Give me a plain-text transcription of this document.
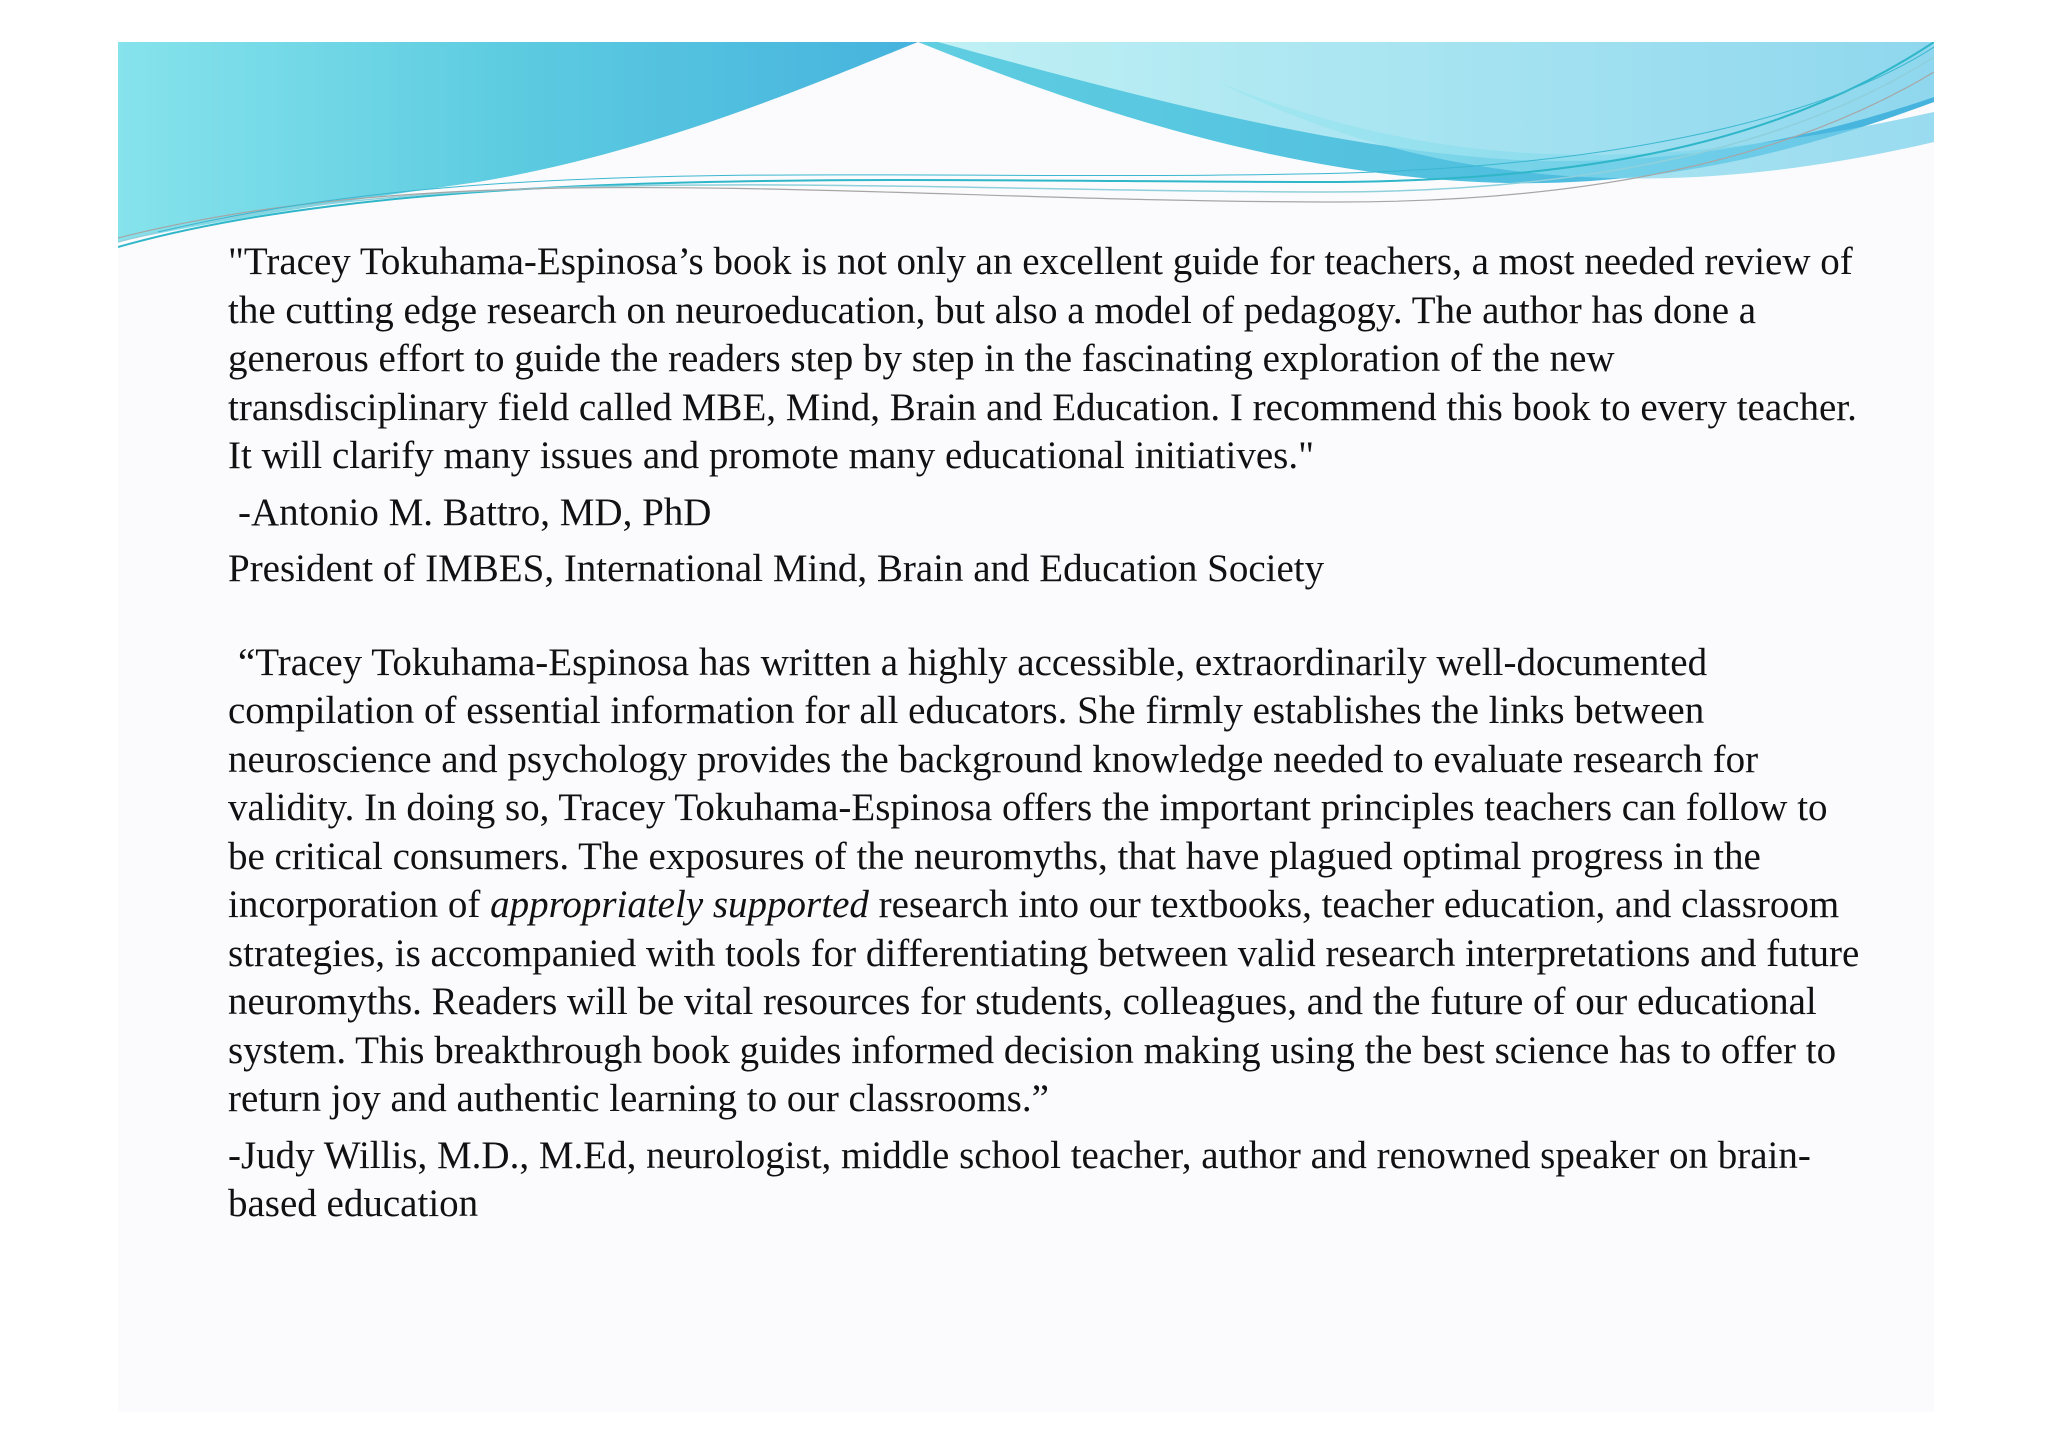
"Tracey Tokuhama-Espinosa’s book is not only an excellent guide for teachers, a most needed review of the cutting edge research on neuroeducation, but also a model of pedagogy. The author has done a generous effort to guide the readers step by step in the fascinating exploration of the new transdisciplinary field called MBE, Mind, Brain and Education. I recommend this book to every teacher. It will clarify many issues and promote many educational initiatives."

-Antonio M. Battro, MD, PhD

President of IMBES, International Mind, Brain and Education Society

“Tracey Tokuhama-Espinosa has written a highly accessible, extraordinarily well-documented compilation of essential information for all educators. She firmly establishes the links between neuroscience and psychology provides the background knowledge needed to evaluate research for validity. In doing so, Tracey Tokuhama-Espinosa offers the important principles teachers can follow to be critical consumers. The exposures of the neuromyths, that have plagued optimal progress in the incorporation of appropriately supported research into our textbooks, teacher education, and classroom strategies, is accompanied with tools for differentiating between valid research interpretations and future neuromyths. Readers will be vital resources for students, colleagues, and the future of our educational system. This breakthrough book guides informed decision making using the best science has to offer to return joy and authentic learning to our classrooms.”

-Judy Willis, M.D., M.Ed, neurologist, middle school teacher, author and renowned speaker on brain-based education
